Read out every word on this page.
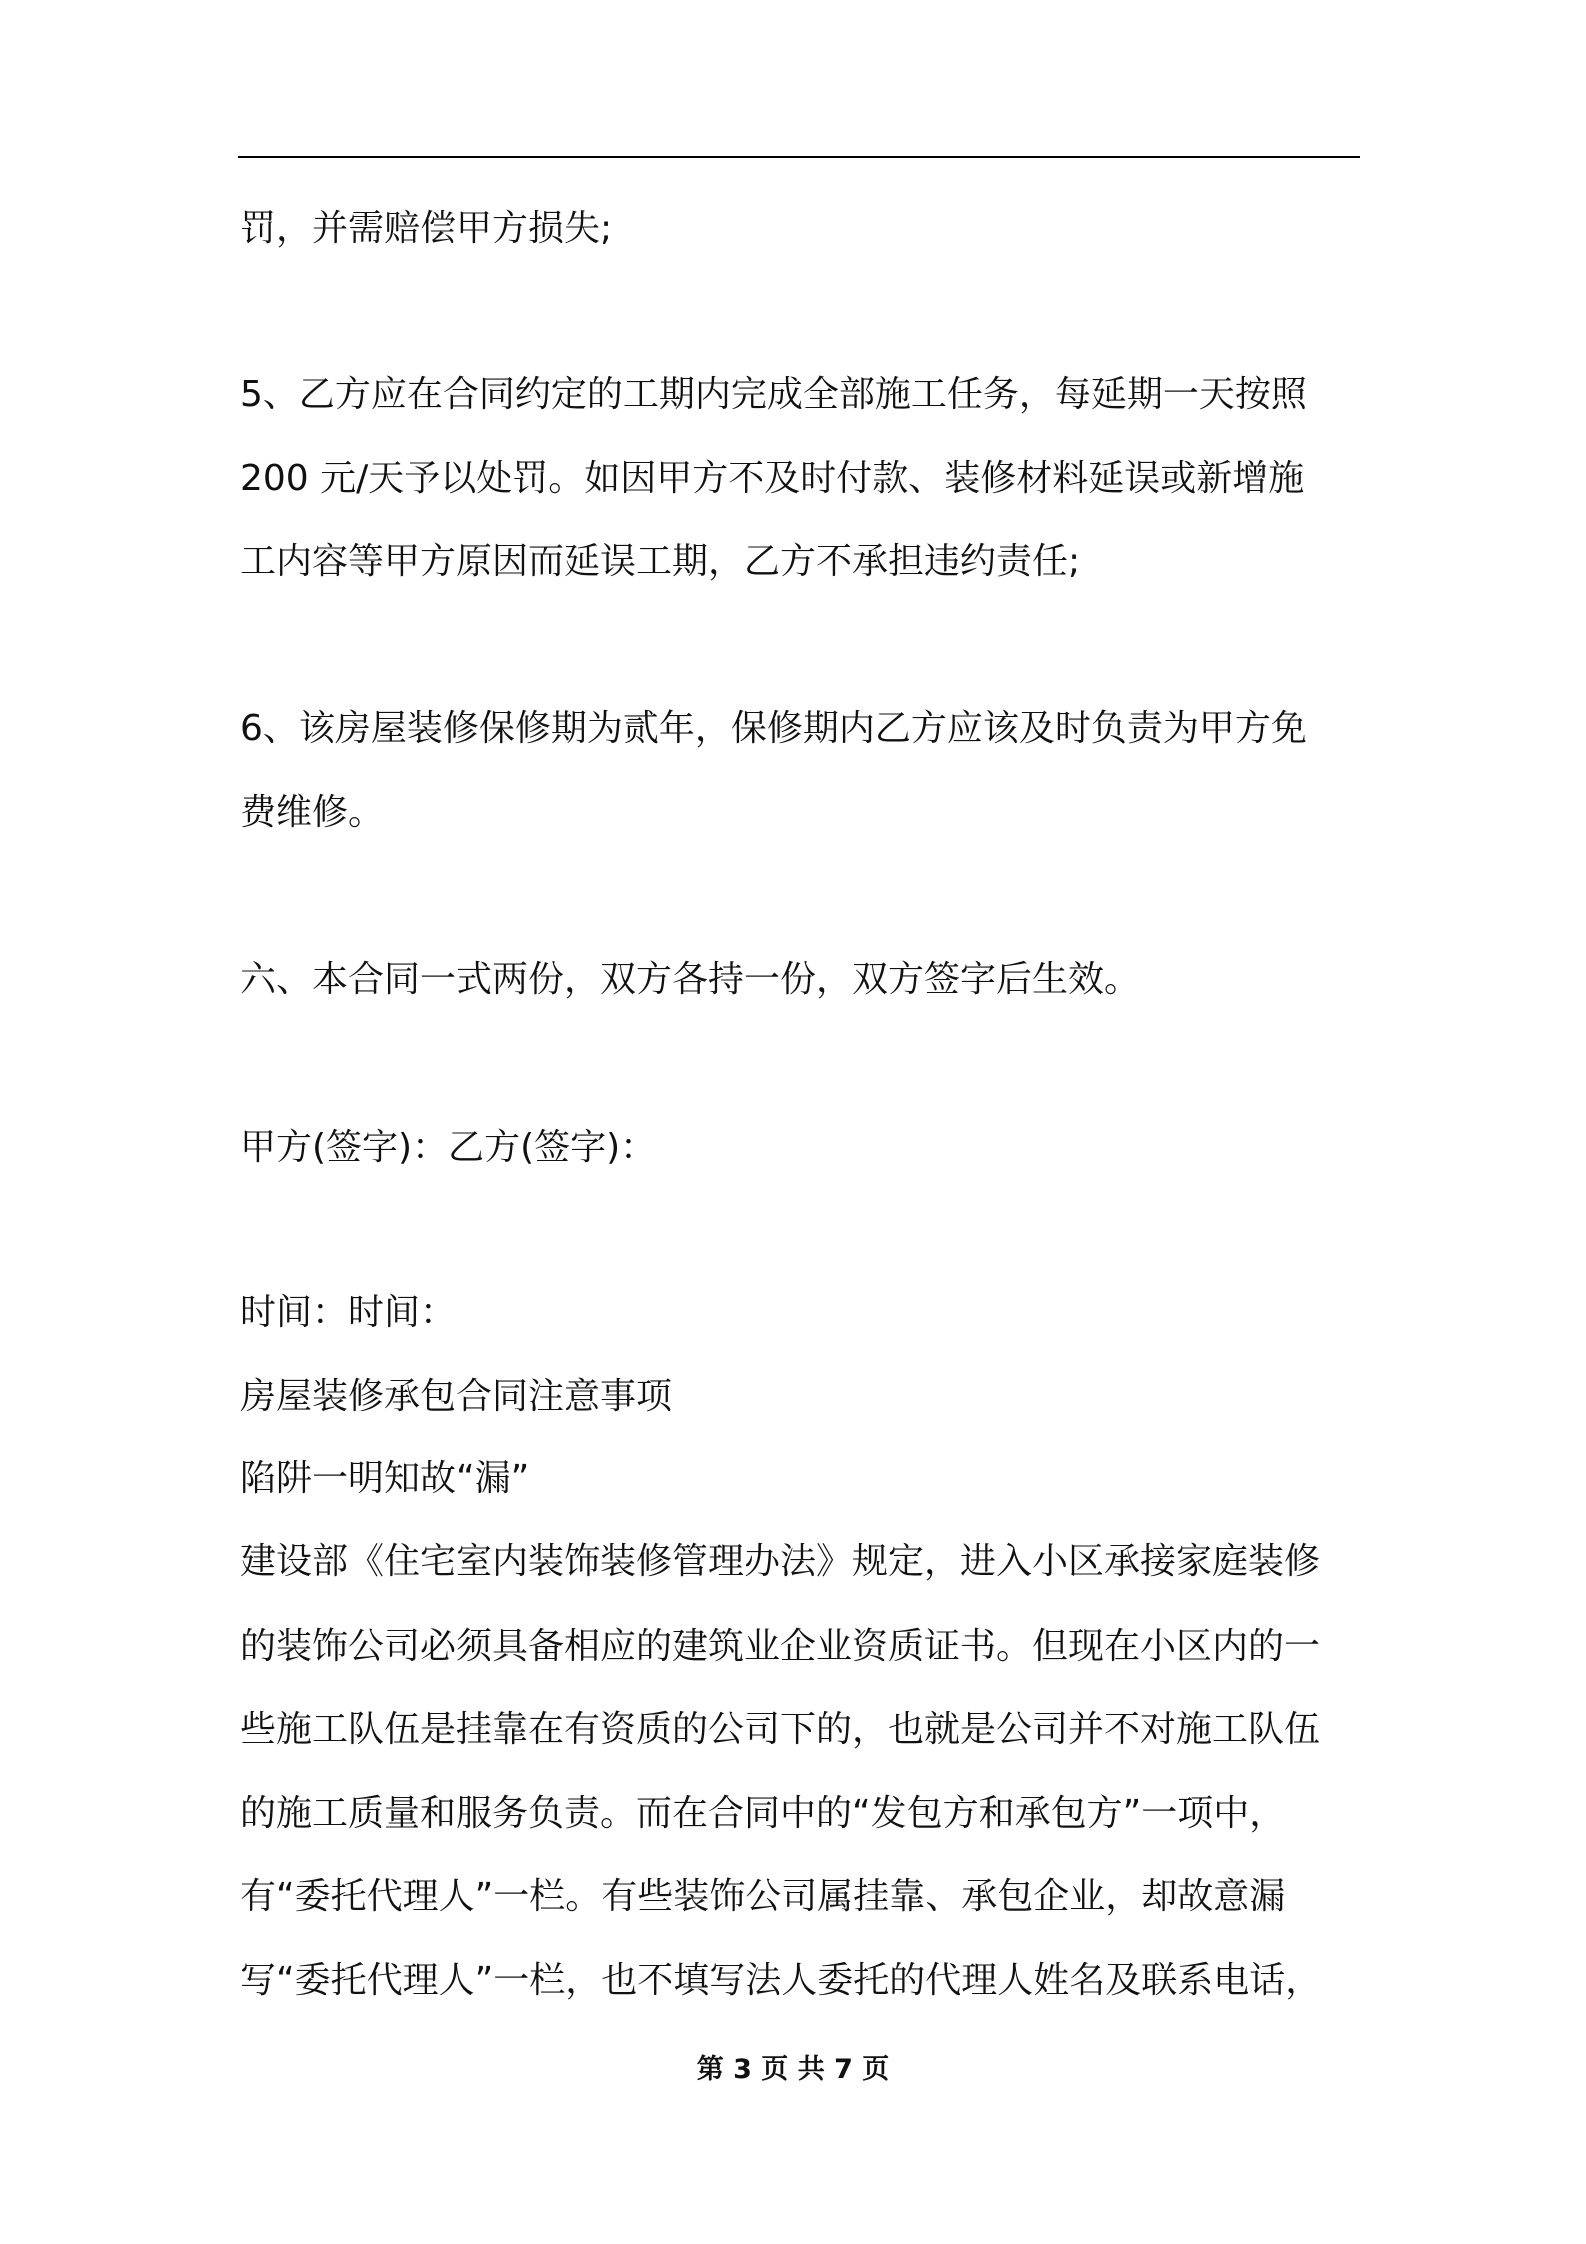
罚，并需赔偿甲方损失;
5、乙方应在合同约定的工期内完成全部施工任务，每延期一天按照
200 元/天予以处罚。如因甲方不及时付款、装修材料延误或新增施
工内容等甲方原因而延误工期，乙方不承担违约责任;
6、该房屋装修保修期为贰年，保修期内乙方应该及时负责为甲方免
费维修。
六、本合同一式两份，双方各持一份，双方签字后生效。
甲方(签字)：乙方(签字)：
时间：时间：
房屋装修承包合同注意事项
陷阱一明知故“漏”
建设部《住宅室内装饰装修管理办法》规定，进入小区承接家庭装修
的装饰公司必须具备相应的建筑业企业资质证书。但现在小区内的一
些施工队伍是挂靠在有资质的公司下的，也就是公司并不对施工队伍
的施工质量和服务负责。而在合同中的“发包方和承包方”一项中，
有“委托代理人”一栏。有些装饰公司属挂靠、承包企业，却故意漏
写“委托代理人”一栏，也不填写法人委托的代理人姓名及联系电话，
第 3 页 共 7 页
